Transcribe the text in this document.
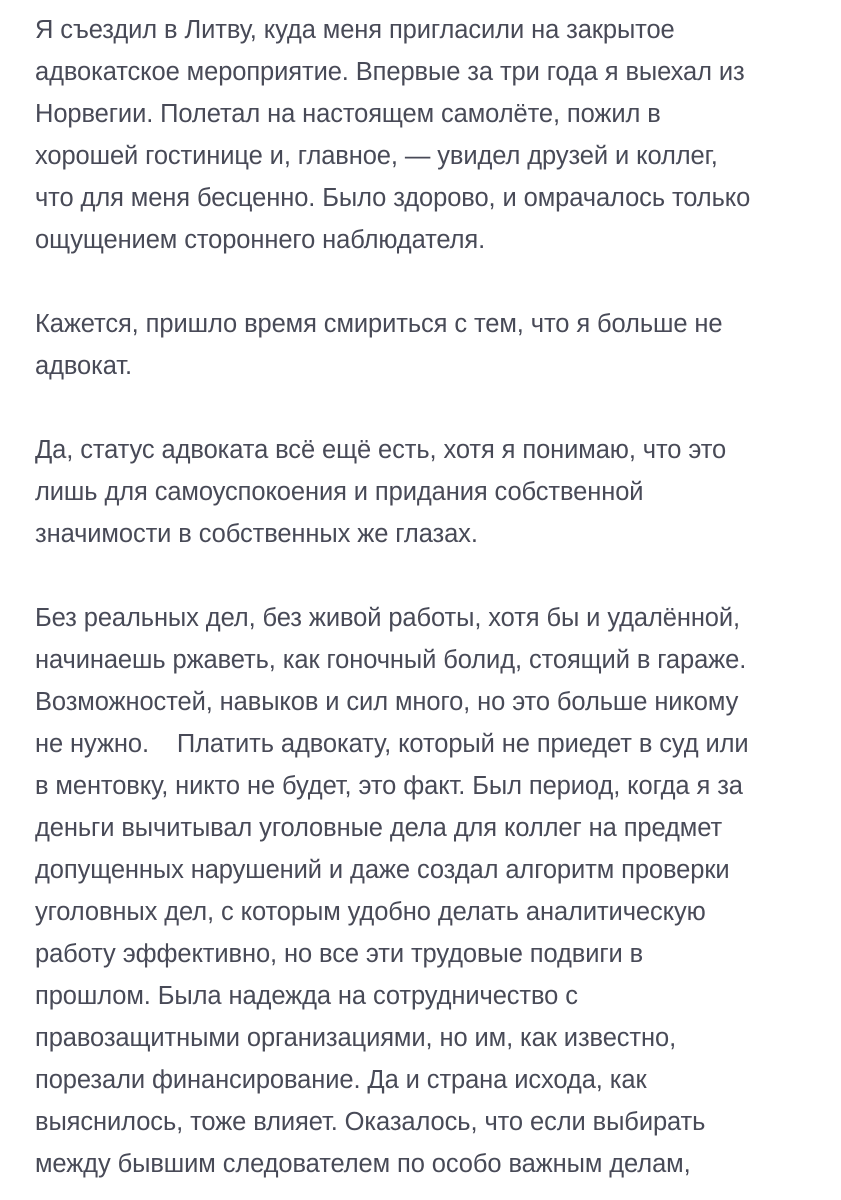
Я съездил в Литву, куда меня пригласили на закрытое
адвокатское мероприятие. Впервые за три года я выехал из
Норвегии. Полетал на настоящем самолёте, пожил в
хорошей гостинице и, главное, — увидел друзей и коллег,
что для меня бесценно. Было здорово, и омрачалось только
ощущением стороннего наблюдателя.
Кажется, пришло время смириться с тем, что я больше не
адвокат.
Да, статус адвоката всё ещё есть, хотя я понимаю, что это
лишь для самоуспокоения и придания собственной
значимости в собственных же глазах.
Без реальных дел, без живой работы, хотя бы и удалённой,
начинаешь ржаветь, как гоночный болид, стоящий в гараже.
Возможностей, навыков и сил много, но это больше никому
не нужно.    Платить адвокату, который не приедет в суд или
в ментовку, никто не будет, это факт. Был период, когда я за
деньги вычитывал уголовные дела для коллег на предмет
допущенных нарушений и даже создал алгоритм проверки
уголовных дел, с которым удобно делать аналитическую
работу эффективно, но все эти трудовые подвиги в
прошлом. Была надежда на сотрудничество с
правозащитными организациями, но им, как известно,
порезали финансирование. Да и страна исхода, как
выяснилось, тоже влияет. Оказалось, что если выбирать
между бывшим следователем по особо важным делам,
